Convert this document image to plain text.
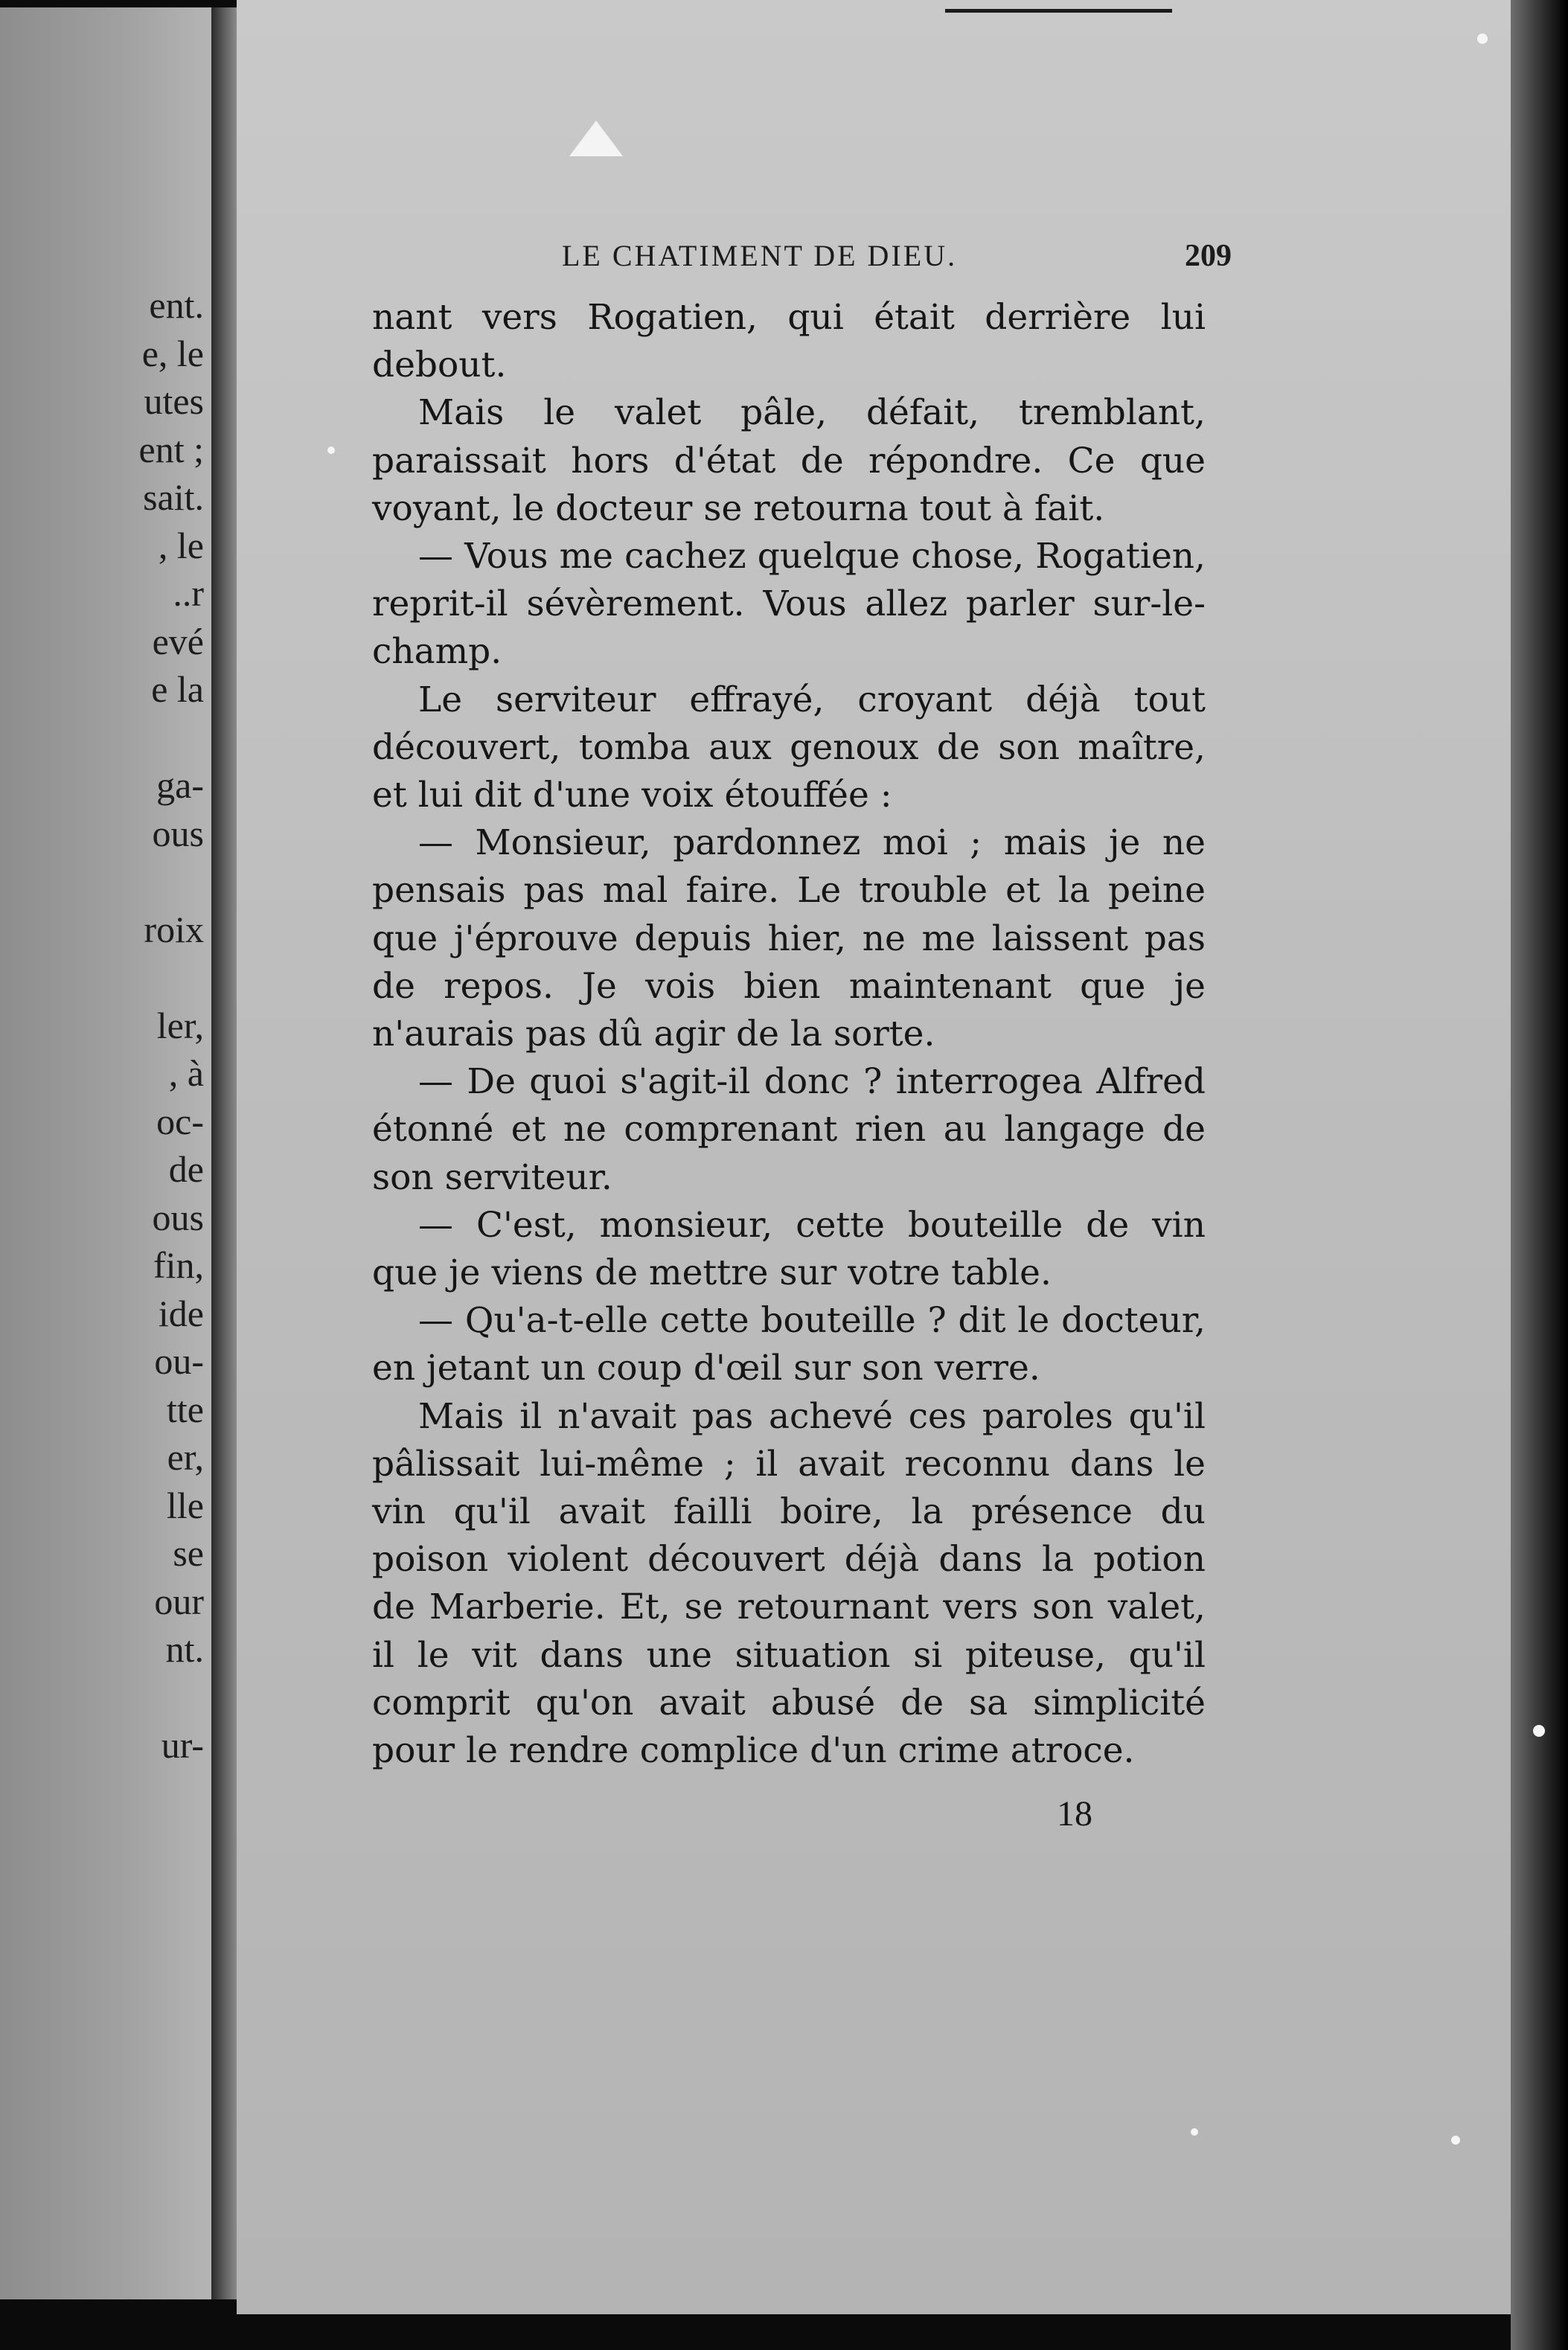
ent.
e, le
utes
ent ;
sait.
, le
..r
evé
e la
ga-
ous
roix
ler,
, à
oc-
de
ous
fin,
ide
ou-
tte
er,
lle
se
our
nt.
ur-
LE CHATIMENT DE DIEU.	209

nant vers Rogatien, qui était derrière lui debout.

Mais le valet pâle, défait, tremblant, paraissait hors d'état de répondre. Ce que voyant, le docteur se retourna tout à fait.

— Vous me cachez quelque chose, Rogatien, reprit-il sévèrement. Vous allez parler sur-le-champ.

Le serviteur effrayé, croyant déjà tout découvert, tomba aux genoux de son maître, et lui dit d'une voix étouffée :

— Monsieur, pardonnez moi ; mais je ne pensais pas mal faire. Le trouble et la peine que j'éprouve depuis hier, ne me laissent pas de repos. Je vois bien maintenant que je n'aurais pas dû agir de la sorte.

— De quoi s'agit-il donc ? interrogea Alfred étonné et ne comprenant rien au langage de son serviteur.

— C'est, monsieur, cette bouteille de vin que je viens de mettre sur votre table.

— Qu'a-t-elle cette bouteille ? dit le docteur, en jetant un coup d'œil sur son verre.

Mais il n'avait pas achevé ces paroles qu'il pâlissait lui-même ; il avait reconnu dans le vin qu'il avait failli boire, la présence du poison violent découvert déjà dans la potion de Marberie. Et, se retournant vers son valet, il le vit dans une situation si piteuse, qu'il comprit qu'on avait abusé de sa simplicité pour le rendre complice d'un crime atroce.

18
